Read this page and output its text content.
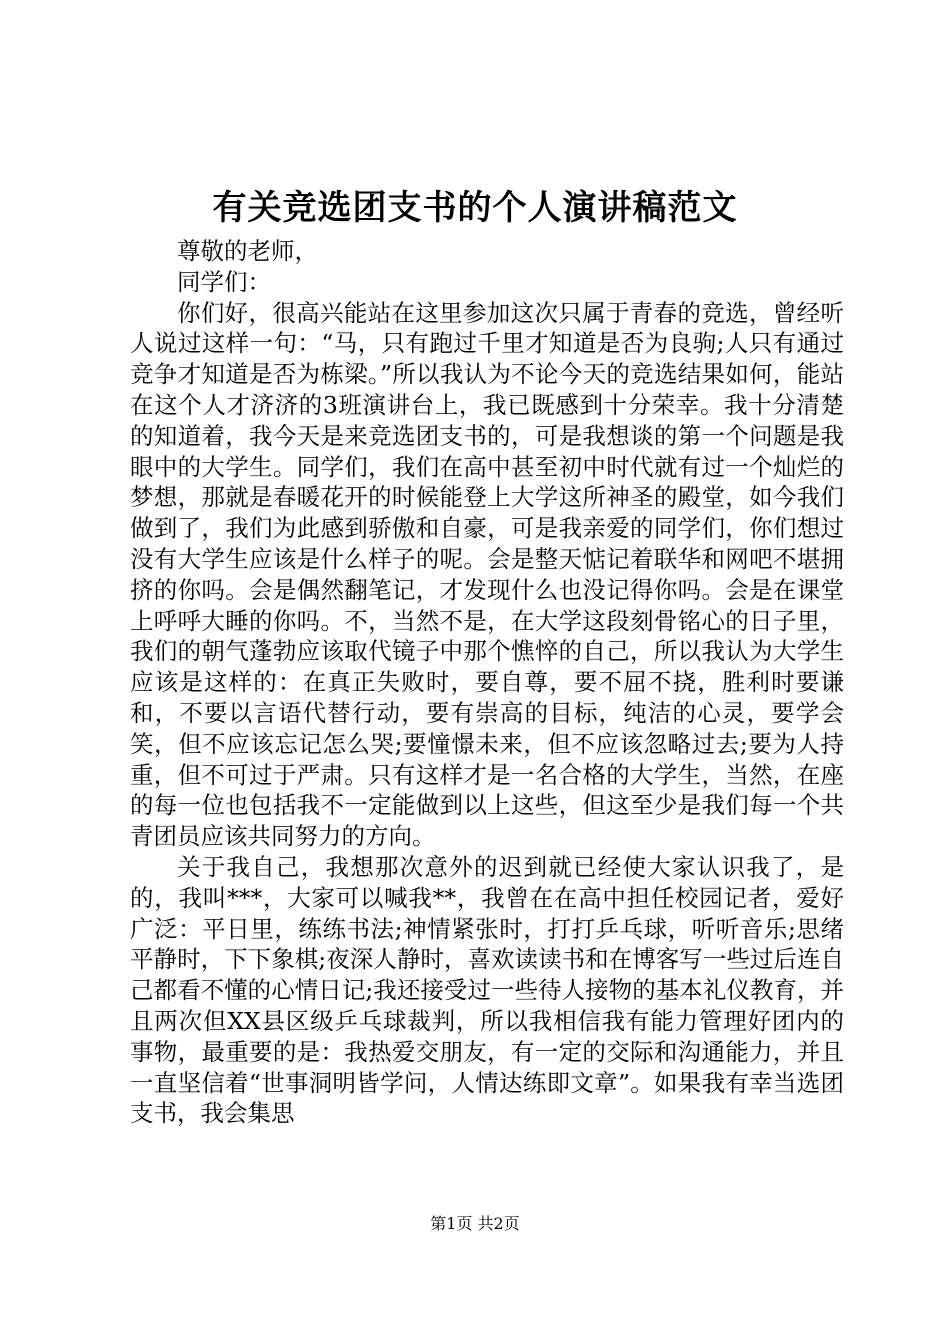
有关竞选团支书的个人演讲稿范文

尊敬的老师，

同学们：

你们好，很高兴能站在这里参加这次只属于青春的竞选，曾经听人说过这样一句：“马，只有跑过千里才知道是否为良驹;人只有通过竞争才知道是否为栋梁。”所以我认为不论今天的竞选结果如何，能站在这个人才济济的3班演讲台上，我已既感到十分荣幸。我十分清楚的知道着，我今天是来竞选团支书的，可是我想谈的第一个问题是我眼中的大学生。同学们，我们在高中甚至初中时代就有过一个灿烂的梦想，那就是春暖花开的时候能登上大学这所神圣的殿堂，如今我们做到了，我们为此感到骄傲和自豪，可是我亲爱的同学们，你们想过没有大学生应该是什么样子的呢。会是整天惦记着联华和网吧不堪拥挤的你吗。会是偶然翻笔记，才发现什么也没记得你吗。会是在课堂上呼呼大睡的你吗。不，当然不是，在大学这段刻骨铭心的日子里，我们的朝气蓬勃应该取代镜子中那个憔悴的自己，所以我认为大学生应该是这样的：在真正失败时，要自尊，要不屈不挠，胜利时要谦和，不要以言语代替行动，要有崇高的目标，纯洁的心灵，要学会笑，但不应该忘记怎么哭;要憧憬未来，但不应该忽略过去;要为人持重，但不可过于严肃。只有这样才是一名合格的大学生，当然，在座的每一位也包括我不一定能做到以上这些，但这至少是我们每一个共青团员应该共同努力的方向。

关于我自己，我想那次意外的迟到就已经使大家认识我了，是的，我叫***，大家可以喊我**，我曾在在高中担任校园记者，爱好广泛：平日里，练练书法;神情紧张时，打打乒乓球，听听音乐;思绪平静时，下下象棋;夜深人静时，喜欢读读书和在博客写一些过后连自己都看不懂的心情日记;我还接受过一些待人接物的基本礼仪教育，并且两次但XX县区级乒乓球裁判，所以我相信我有能力管理好团内的事物，最重要的是：我热爱交朋友，有一定的交际和沟通能力，并且一直坚信着“世事洞明皆学问，人情达练即文章”。如果我有幸当选团支书，我会集思

第1页 共2页
